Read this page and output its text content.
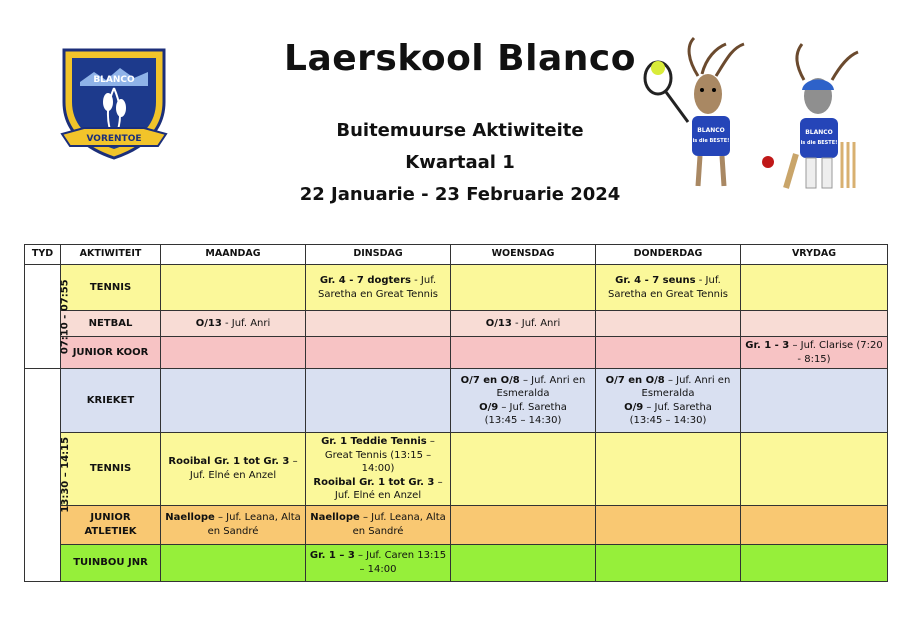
BLANCO
VORENTOE
Laerskool Blanco
Buitemuurse Aktiwiteite
Kwartaal 1
22 Januarie - 23 Februarie 2024
BLANCO
is die BESTE!
BLANCO
is die BESTE!
TYD	AKTIWITEIT	MAANDAG	DINSDAG	WOENSDAG	DONDERDAG	VRYDAG
07:10 - 07:55	TENNIS		Gr. 4 - 7 dogters - Juf. Saretha en Great Tennis		Gr. 4 - 7 seuns - Juf. Saretha en Great Tennis	
	NETBAL	O/13 - Juf. Anri		O/13 - Juf. Anri		
	JUNIOR KOOR					Gr. 1 - 3 – Juf. Clarise (7:20 - 8:15)
13:30 – 14:15	KRIEKET			O/7 en O/8 – Juf. Anri en Esmeralda
O/9 – Juf. Saretha
(13:45 – 14:30)	O/7 en O/8 – Juf. Anri en Esmeralda
O/9 – Juf. Saretha
(13:45 – 14:30)	
	TENNIS	Rooibal Gr. 1 tot Gr. 3 – Juf. Elné en Anzel	Gr. 1 Teddie Tennis – Great Tennis (13:15 – 14:00)
Rooibal Gr. 1 tot Gr. 3 – Juf. Elné en Anzel			
	JUNIOR ATLETIEK	Naellope – Juf. Leana, Alta en Sandré	Naellope – Juf. Leana, Alta en Sandré			
	TUINBOU JNR		Gr. 1 – 3 – Juf. Caren 13:15 – 14:00			
